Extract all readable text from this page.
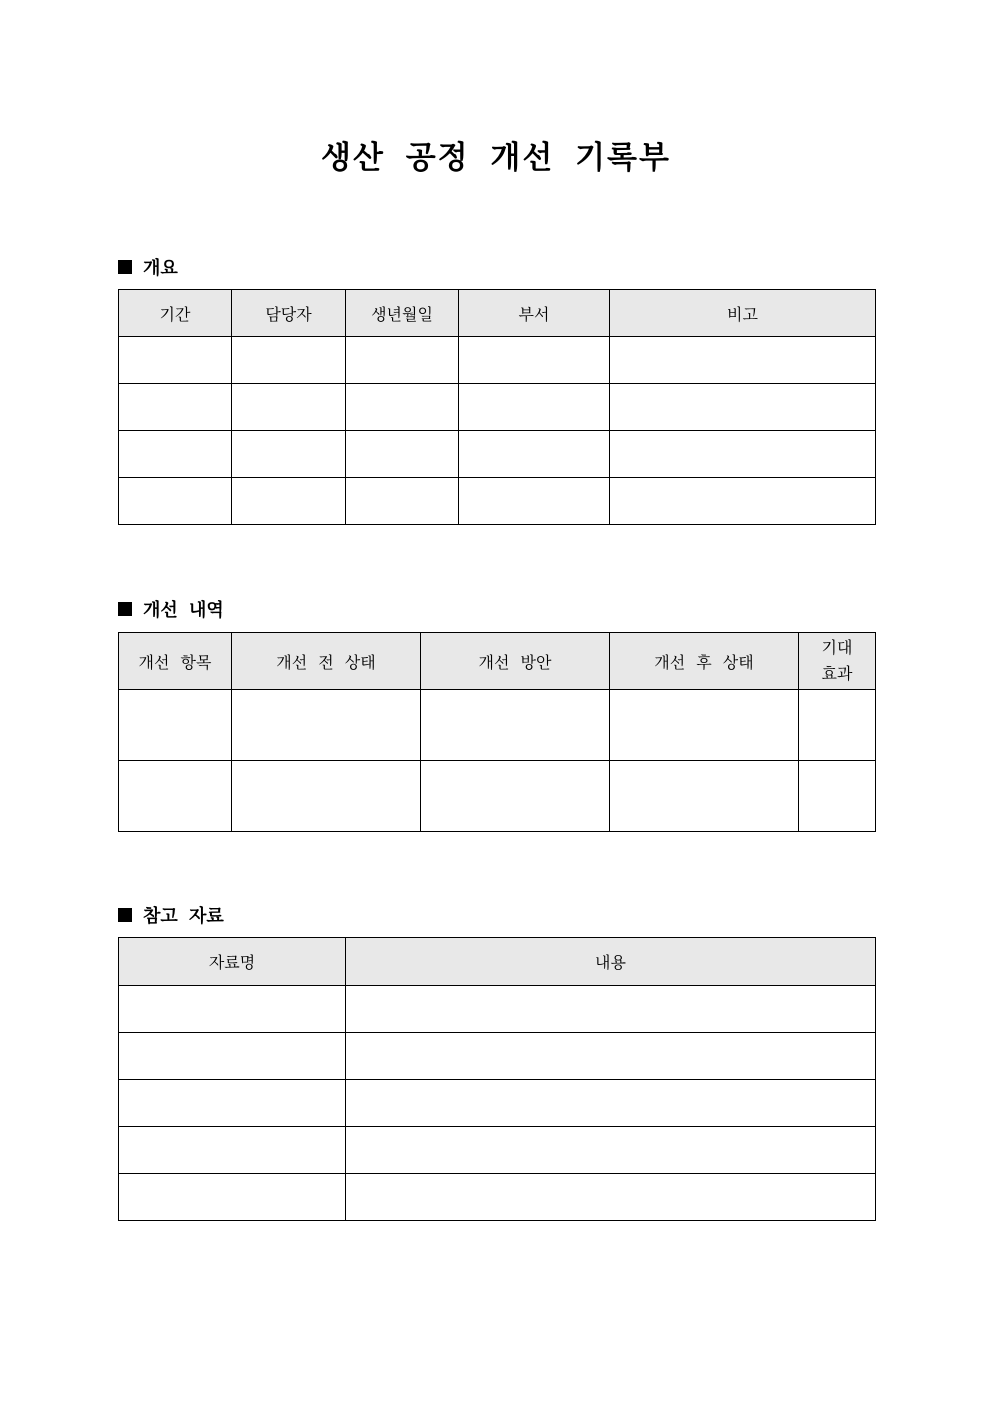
생산 공정 개선 기록부
개요
기간	담당자	생년월일	부서	비고

개선 내역
개선 항목	개선 전 상태	개선 방안	개선 후 상태	기대
효과

참고 자료
자료명	내용
